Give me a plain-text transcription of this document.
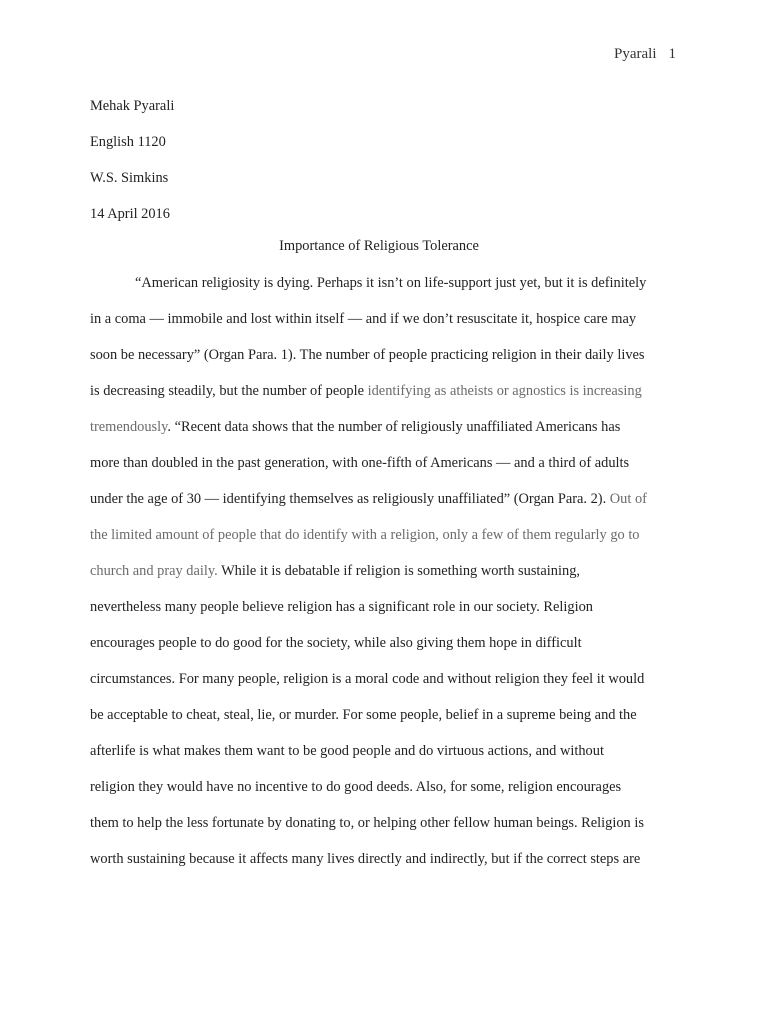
Pyarali 1
Mehak Pyarali
English 1120
W.S. Simkins
14 April 2016
Importance of Religious Tolerance
“American religiosity is dying. Perhaps it isn’t on life-support just yet, but it is definitely
in a coma — immobile and lost within itself — and if we don’t resuscitate it, hospice care may
soon be necessary” (Organ Para. 1). The number of people practicing religion in their daily lives
is decreasing steadily, but the number of people identifying as atheists or agnostics is increasing
tremendously. “Recent data shows that the number of religiously unaffiliated Americans has
more than doubled in the past generation, with one-fifth of Americans — and a third of adults
under the age of 30 — identifying themselves as religiously unaffiliated” (Organ Para. 2). Out of
the limited amount of people that do identify with a religion, only a few of them regularly go to
church and pray daily. While it is debatable if religion is something worth sustaining,
nevertheless many people believe religion has a significant role in our society. Religion
encourages people to do good for the society, while also giving them hope in difficult
circumstances. For many people, religion is a moral code and without religion they feel it would
be acceptable to cheat, steal, lie, or murder. For some people, belief in a supreme being and the
afterlife is what makes them want to be good people and do virtuous actions, and without
religion they would have no incentive to do good deeds. Also, for some, religion encourages
them to help the less fortunate by donating to, or helping other fellow human beings. Religion is
worth sustaining because it affects many lives directly and indirectly, but if the correct steps are
